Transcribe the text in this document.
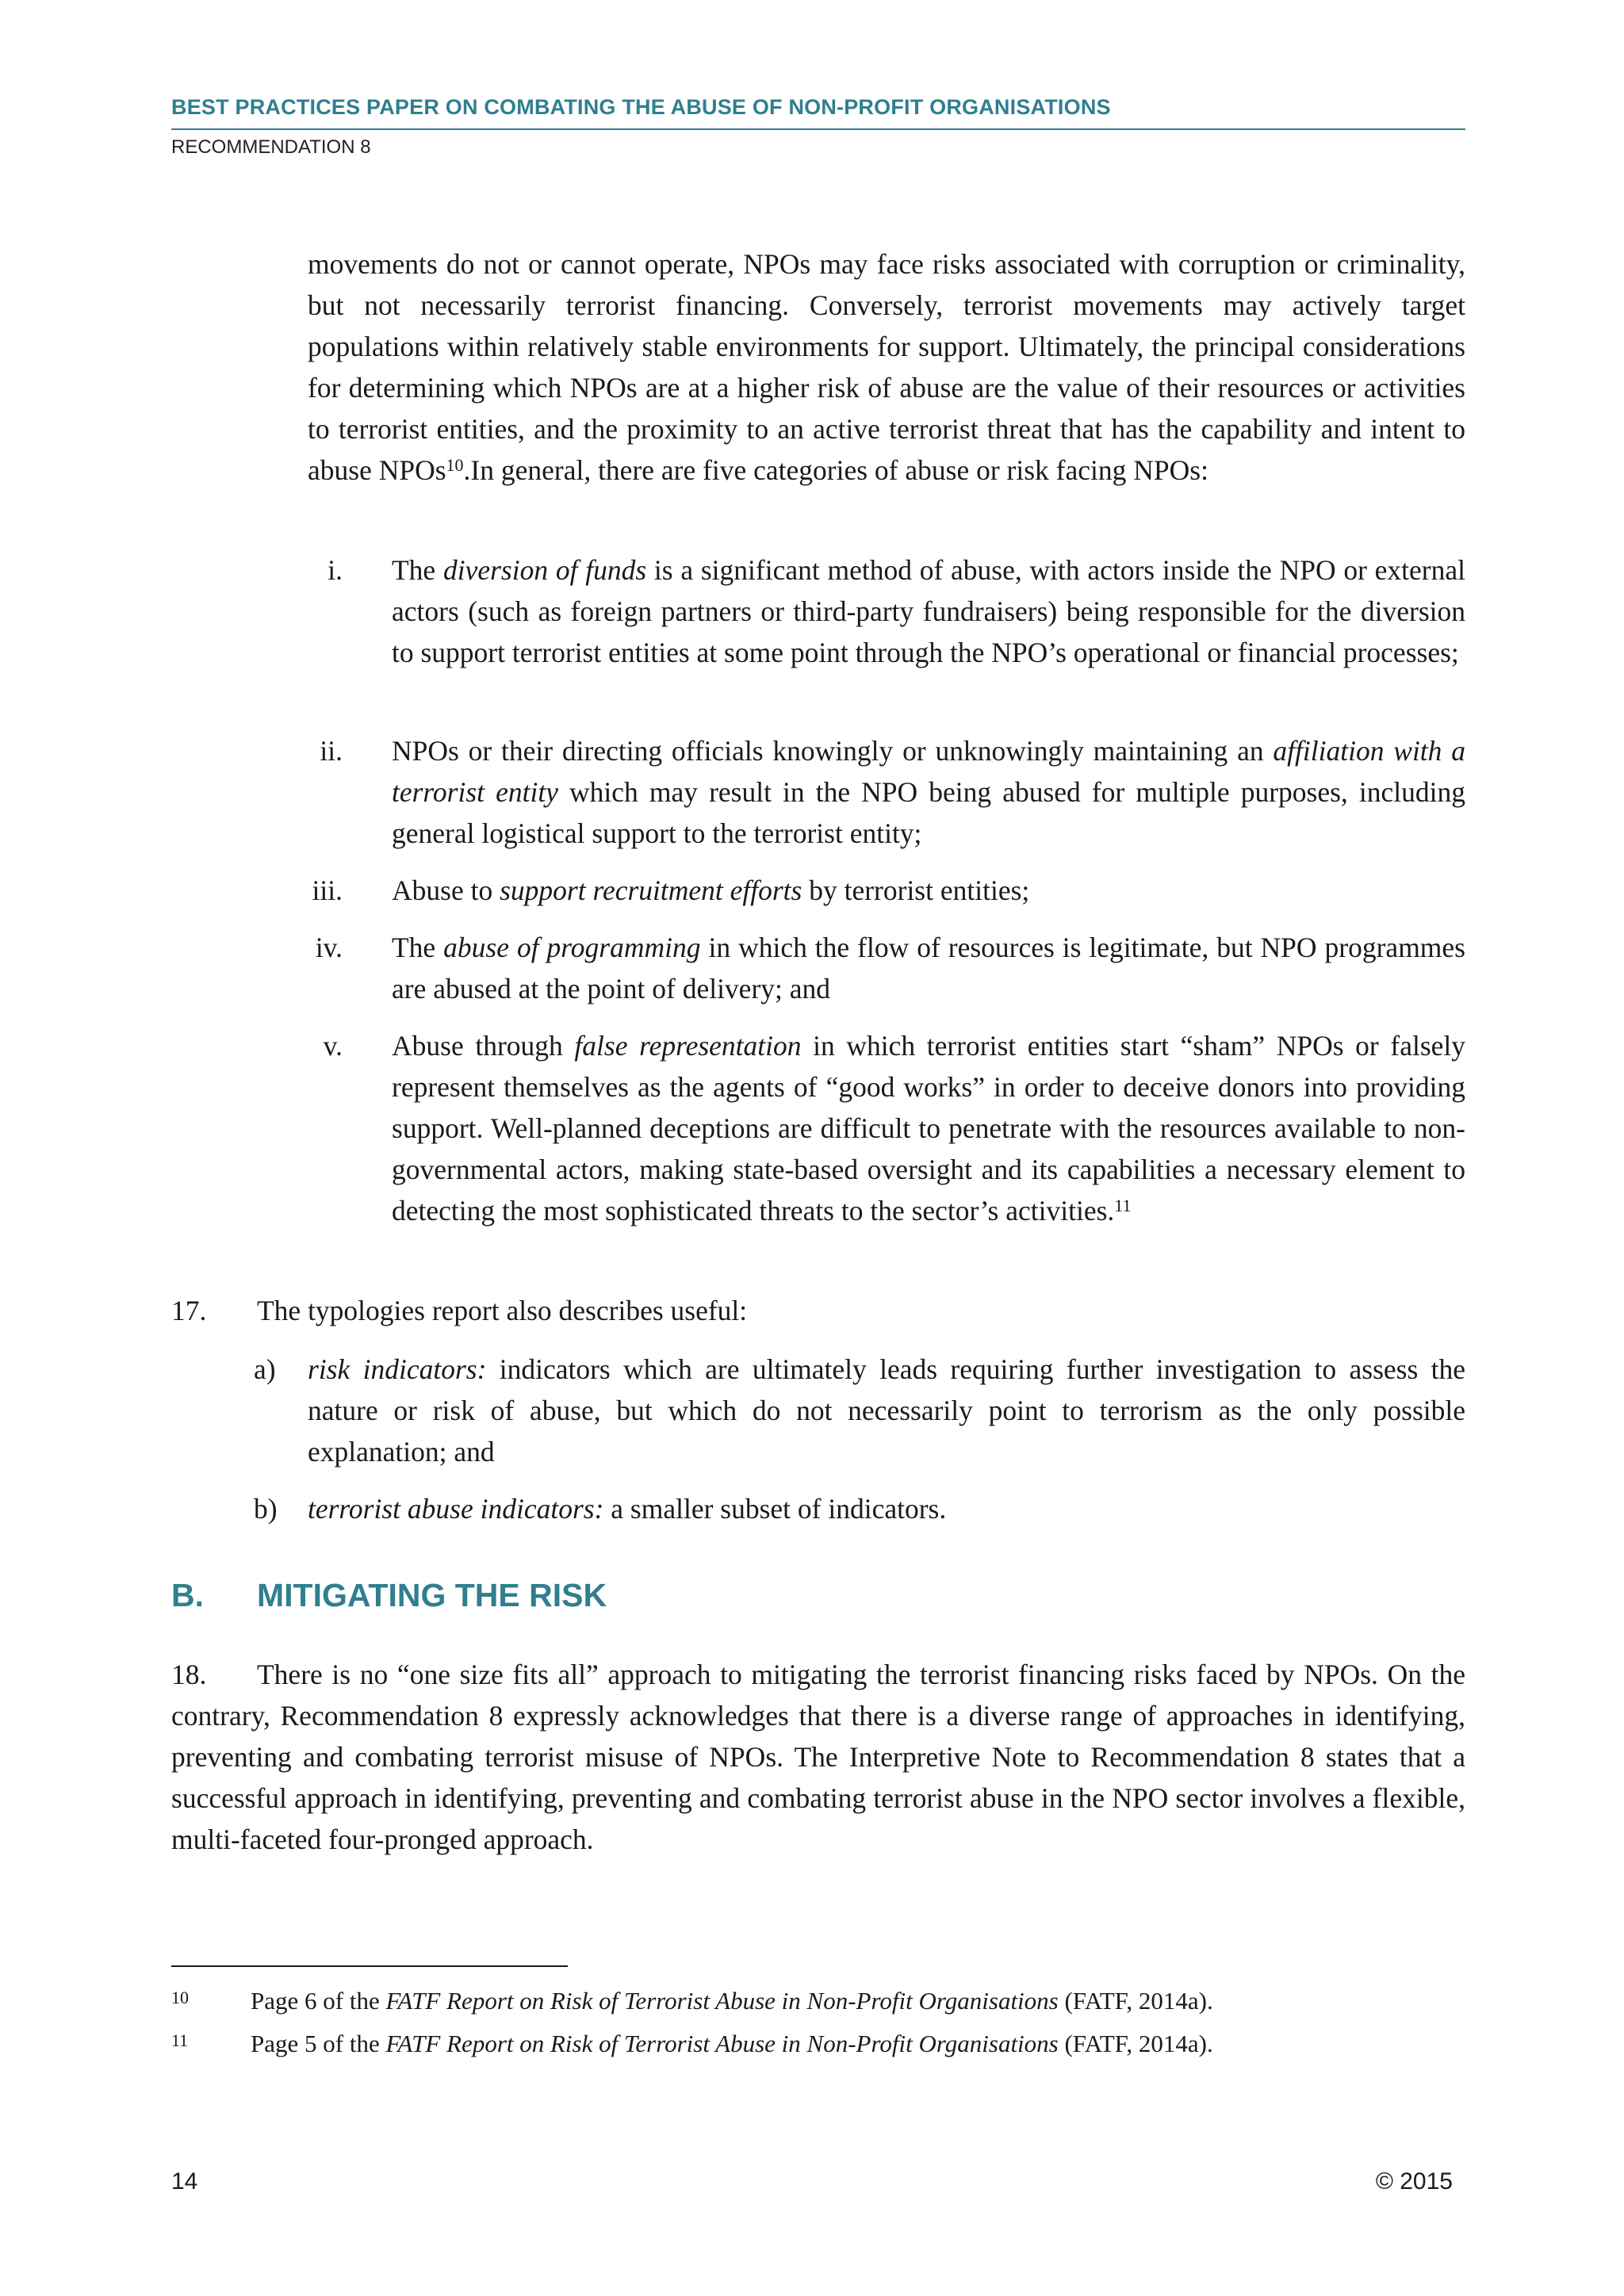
BEST PRACTICES PAPER ON COMBATING THE ABUSE OF NON-PROFIT ORGANISATIONS
RECOMMENDATION 8

movements do not or cannot operate, NPOs may face risks associated with corruption or criminality, but not necessarily terrorist financing. Conversely, terrorist movements may actively target populations within relatively stable environments for support. Ultimately, the principal considerations for determining which NPOs are at a higher risk of abuse are the value of their resources or activities to terrorist entities, and the proximity to an active terrorist threat that has the capability and intent to abuse NPOs$^{10}$.In general, there are five categories of abuse or risk facing NPOs:

The diversion of funds is a significant method of abuse, with actors inside the NPO or external actors (such as foreign partners or third-party fundraisers) being responsible for the diversion to support terrorist entities at some point through the NPO’s operational or financial processes;

i.

NPOs or their directing officials knowingly or unknowingly maintaining an affiliation with a terrorist entity which may result in the NPO being abused for multiple purposes, including general logistical support to the terrorist entity;

ii.

Abuse to support recruitment efforts by terrorist entities;

iii.

The abuse of programming in which the flow of resources is legitimate, but NPO programmes are abused at the point of delivery; and

iv.

Abuse through false representation in which terrorist entities start “sham” NPOs or falsely represent themselves as the agents of “good works” in order to deceive donors into providing support. Well-planned deceptions are difficult to penetrate with the resources available to non-governmental actors, making state-based oversight and its capabilities a necessary element to detecting the most sophisticated threats to the sector’s activities.$^{11}$

v.
17.	The typologies report also describes useful:
a)	risk indicators: indicators which are ultimately leads requiring further investigation to assess the nature or risk of abuse, but which do not necessarily point to terrorism as the only possible explanation; and

b)	terrorist abuse indicators: a smaller subset of indicators.

B. MITIGATING THE RISK

18. There is no “one size fits all” approach to mitigating the terrorist financing risks faced by NPOs. On the contrary, Recommendation 8 expressly acknowledges that there is a diverse range of approaches in identifying, preventing and combating terrorist misuse of NPOs. The Interpretive Note to Recommendation 8 states that a successful approach in identifying, preventing and combating terrorist abuse in the NPO sector involves a flexible, multi-faceted four-pronged approach.

10	Page 6 of the FATF Report on Risk of Terrorist Abuse in Non-Profit Organisations (FATF, 2014a).
11	Page 5 of the FATF Report on Risk of Terrorist Abuse in Non-Profit Organisations (FATF, 2014a).
14	© 2015
